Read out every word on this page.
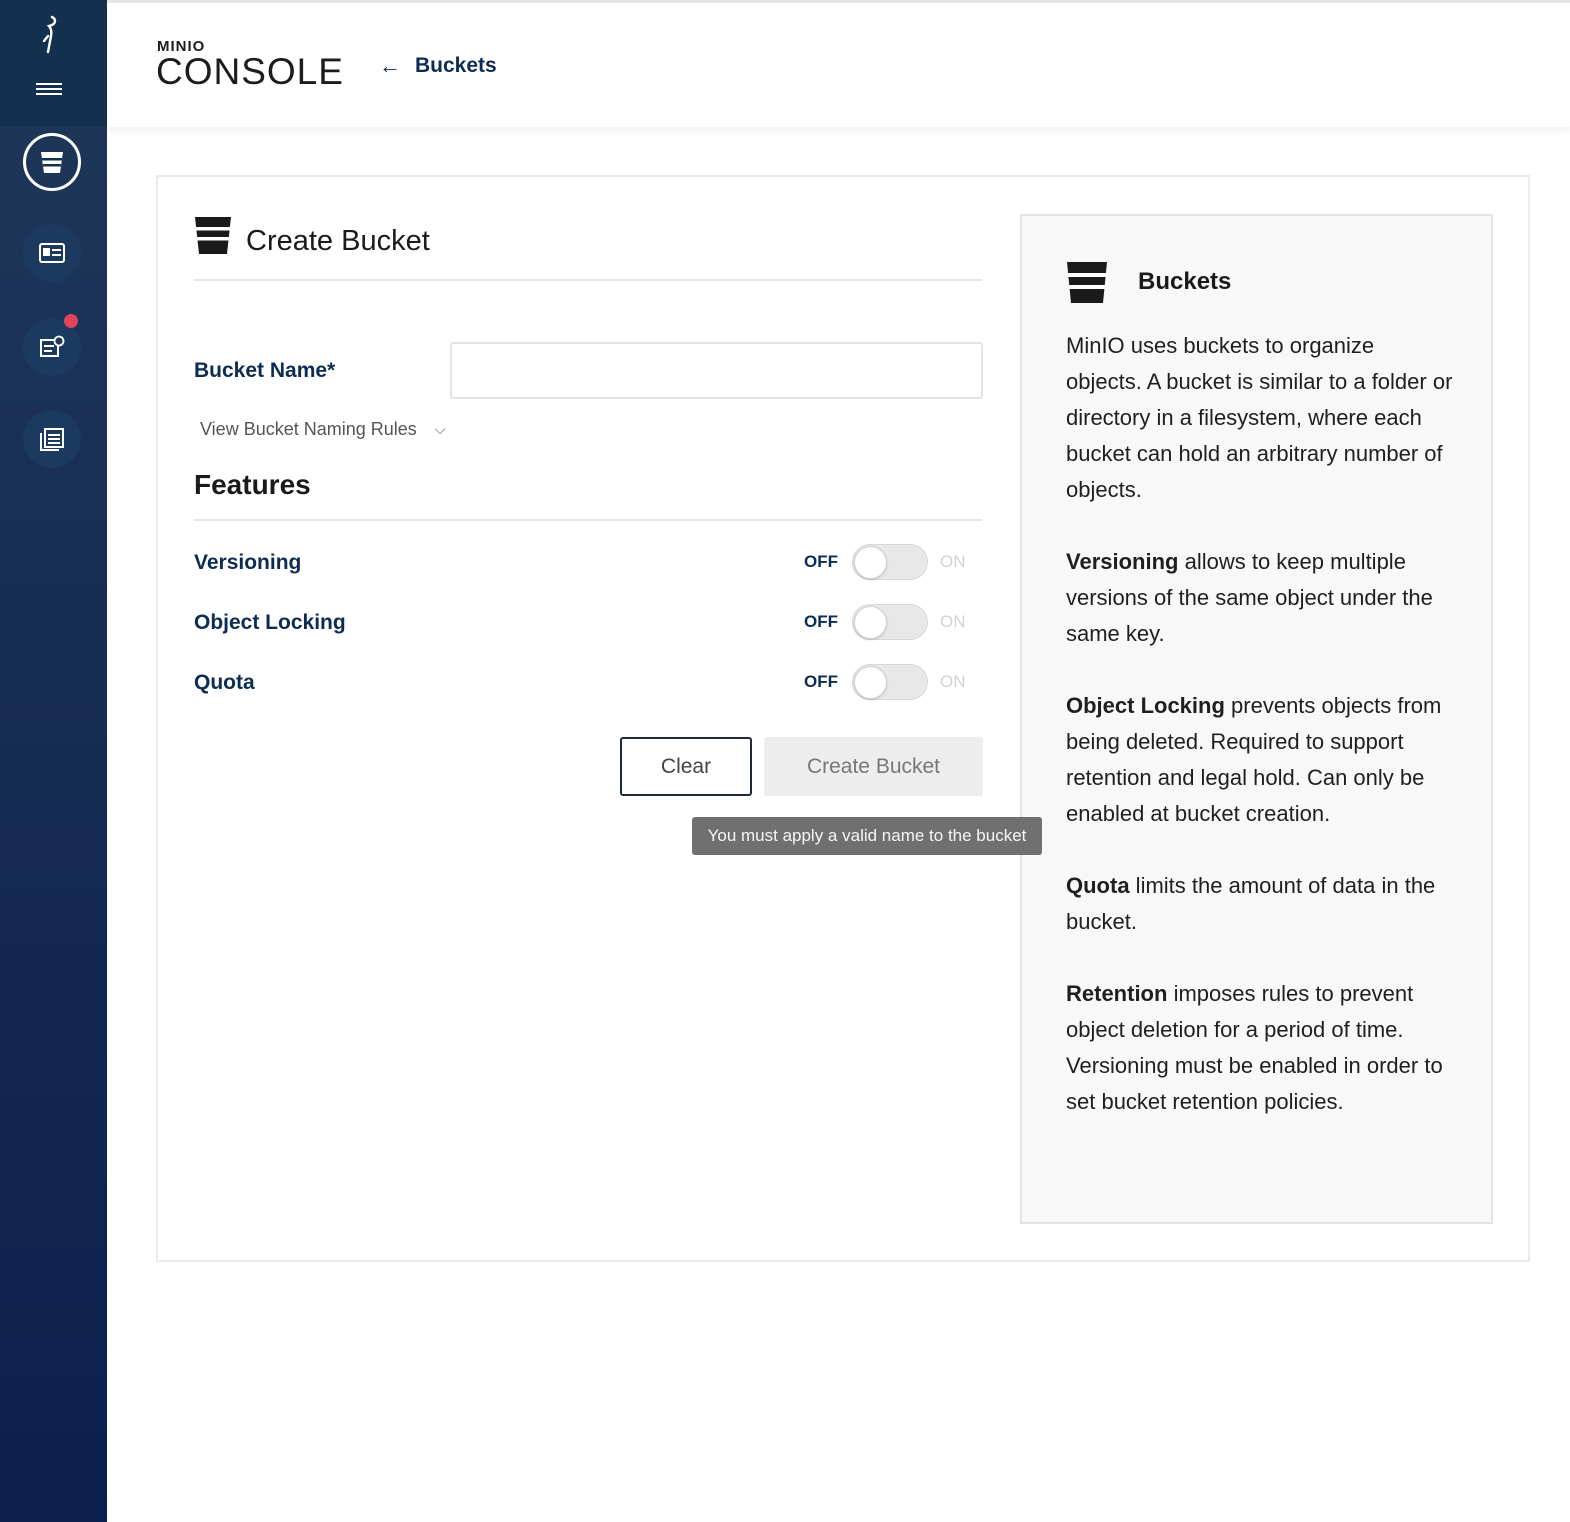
MINIO
CONSOLE ← Buckets
Create Bucket
Bucket Name*
View Bucket Naming Rules ⌵
Features
Versioning	OFF	ON
Object Locking	OFF	ON
Quota	OFF	ON
Clear	Create Bucket
You must apply a valid name to the bucket
Buckets

MinIO uses buckets to organize objects. A bucket is similar to a folder or directory in a filesystem, where each bucket can hold an arbitrary number of objects.

Versioning allows to keep multiple versions of the same object under the same key.

Object Locking prevents objects from being deleted. Required to support retention and legal hold. Can only be enabled at bucket creation.

Quota limits the amount of data in the bucket.

Retention imposes rules to prevent object deletion for a period of time. Versioning must be enabled in order to set bucket retention policies.
